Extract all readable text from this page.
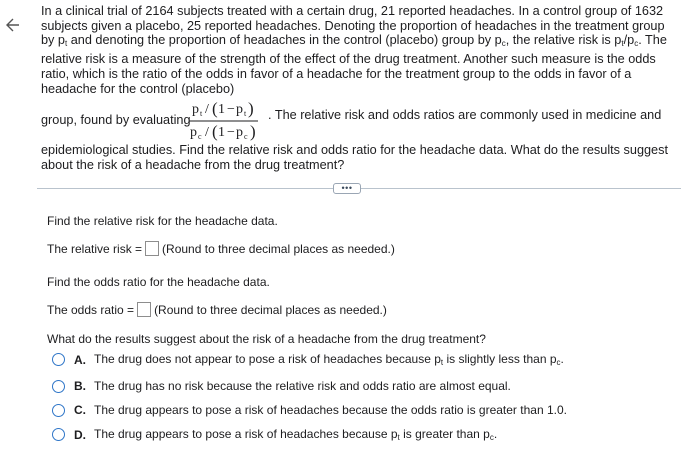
In a clinical trial of 2164 subjects treated with a certain drug, 21 reported headaches. In a control group of 1632 subjects given a placebo, 25 reported headaches. Denoting the proportion of headaches in the treatment group by $p_t$ and denoting the proportion of headaches in the control (placebo) group by $p_c$, the relative risk is $p_t/p_c$. The relative risk is a measure of the strength of the effect of the drug treatment. Another such measure is the odds ratio, which is the ratio of the odds in favor of a headache for the treatment group to the odds in favor of a headache for the control (placebo)

group, found by evaluating
p t / ( 1 − p t )
p c / ( 1 − p c )
. The relative risk and odds ratios are commonly used in medicine and

epidemiological studies. Find the relative risk and odds ratio for the headache data. What do the results suggest about the risk of a headache from the drug treatment?

•••
Find the relative risk for the headache data.
The relative risk = (Round to three decimal places as needed.)
Find the odds ratio for the headache data.
The odds ratio = (Round to three decimal places as needed.)
What do the results suggest about the risk of a headache from the drug treatment?
A. The drug does not appear to pose a risk of headaches because $p_t$ is slightly less than $p_c$.
B. The drug has no risk because the relative risk and odds ratio are almost equal.
C. The drug appears to pose a risk of headaches because the odds ratio is greater than 1.0.
D. The drug appears to pose a risk of headaches because $p_t$ is greater than $p_c$.
